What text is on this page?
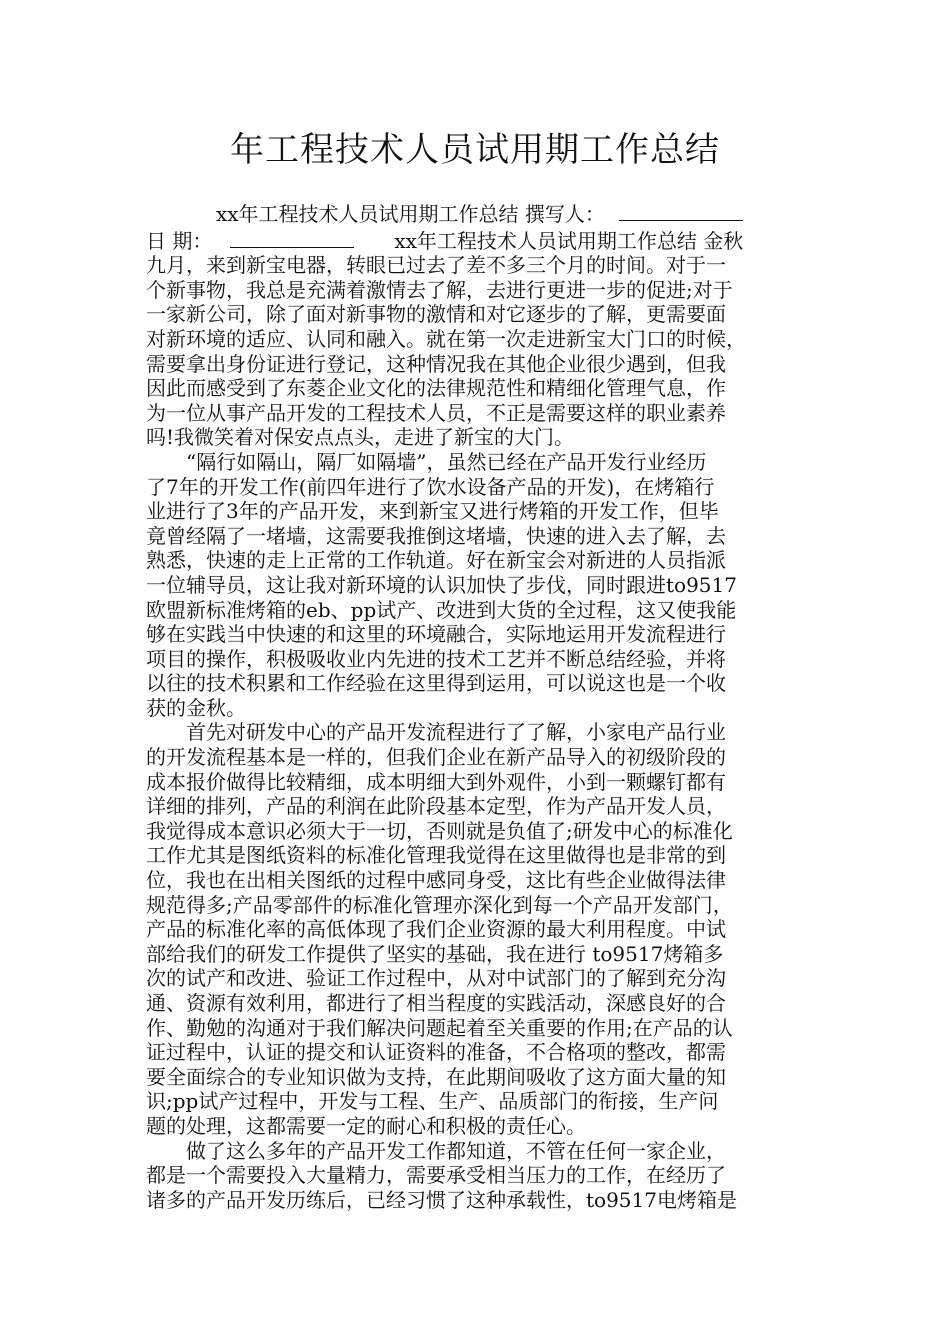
年工程技术人员试用期工作总结
xx年工程技术人员试用期工作总结 撰写人：
日 期：	xx年工程技术人员试用期工作总结 金秋
九月，来到新宝电器，转眼已过去了差不多三个月的时间。对于一
个新事物，我总是充满着激情去了解，去进行更进一步的促进;对于
一家新公司，除了面对新事物的激情和对它逐步的了解，更需要面
对新环境的适应、认同和融入。就在第一次走进新宝大门口的时候，
需要拿出身份证进行登记，这种情况我在其他企业很少遇到，但我
因此而感受到了东菱企业文化的法律规范性和精细化管理气息，作
为一位从事产品开发的工程技术人员，不正是需要这样的职业素养
吗!我微笑着对保安点点头，走进了新宝的大门。
　　“隔行如隔山，隔厂如隔墙”，虽然已经在产品开发行业经历
了7年的开发工作(前四年进行了饮水设备产品的开发)，在烤箱行
业进行了3年的产品开发，来到新宝又进行烤箱的开发工作，但毕
竟曾经隔了一堵墙，这需要我推倒这堵墙，快速的进入去了解，去
熟悉，快速的走上正常的工作轨道。好在新宝会对新进的人员指派
一位辅导员，这让我对新环境的认识加快了步伐，同时跟进to9517
欧盟新标准烤箱的eb、pp试产、改进到大货的全过程，这又使我能
够在实践当中快速的和这里的环境融合，实际地运用开发流程进行
项目的操作，积极吸收业内先进的技术工艺并不断总结经验，并将
以往的技术积累和工作经验在这里得到运用，可以说这也是一个收
获的金秋。
　　首先对研发中心的产品开发流程进行了了解，小家电产品行业
的开发流程基本是一样的，但我们企业在新产品导入的初级阶段的
成本报价做得比较精细，成本明细大到外观件，小到一颗螺钉都有
详细的排列，产品的利润在此阶段基本定型，作为产品开发人员，
我觉得成本意识必须大于一切，否则就是负值了;研发中心的标准化
工作尤其是图纸资料的标准化管理我觉得在这里做得也是非常的到
位，我也在出相关图纸的过程中感同身受，这比有些企业做得法律
规范得多;产品零部件的标准化管理亦深化到每一个产品开发部门，
产品的标准化率的高低体现了我们企业资源的最大利用程度。中试
部给我们的研发工作提供了坚实的基础，我在进行 to9517烤箱多
次的试产和改进、验证工作过程中，从对中试部门的了解到充分沟
通、资源有效利用，都进行了相当程度的实践活动，深感良好的合
作、勤勉的沟通对于我们解决问题起着至关重要的作用;在产品的认
证过程中，认证的提交和认证资料的准备，不合格项的整改，都需
要全面综合的专业知识做为支持，在此期间吸收了这方面大量的知
识;pp试产过程中，开发与工程、生产、品质部门的衔接，生产问
题的处理，这都需要一定的耐心和积极的责任心。
　　做了这么多年的产品开发工作都知道，不管在任何一家企业，
都是一个需要投入大量精力，需要承受相当压力的工作，在经历了
诸多的产品开发历练后，已经习惯了这种承载性，to9517电烤箱是
